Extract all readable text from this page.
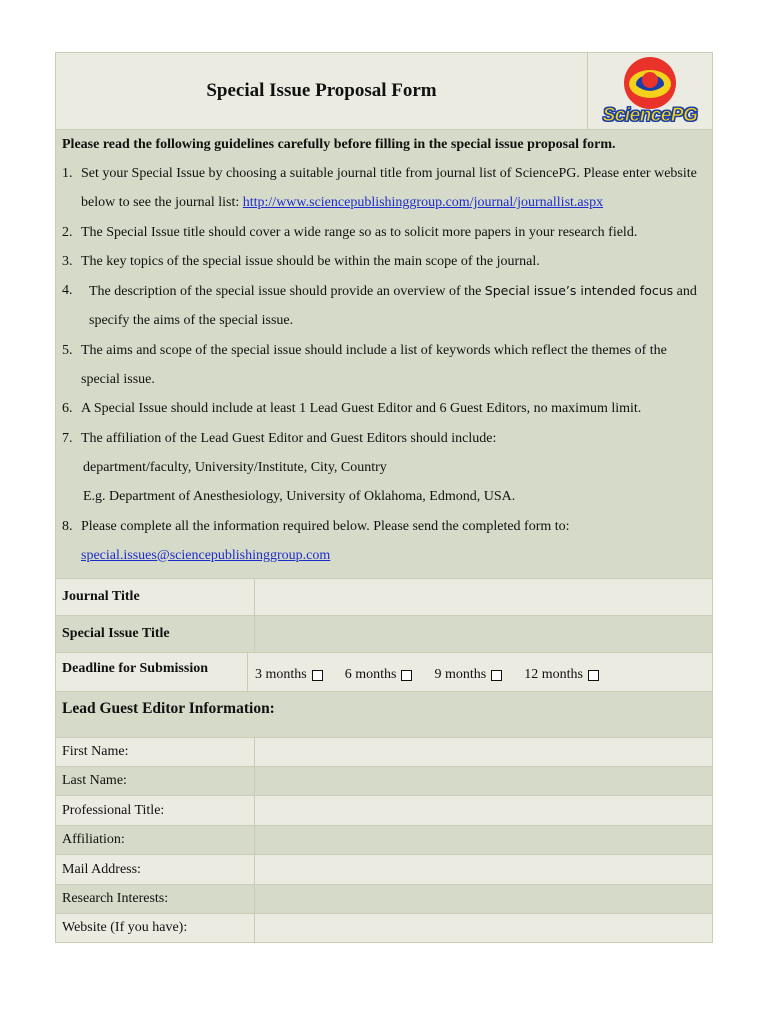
Special Issue Proposal Form
SciencePG
Please read the following guidelines carefully before filling in the special issue proposal form.
1. Set your Special Issue by choosing a suitable journal title from journal list of SciencePG. Please enter website
below to see the journal list: http://www.sciencepublishinggroup.com/journal/journallist.aspx
2. The Special Issue title should cover a wide range so as to solicit more papers in your research field.
3. The key topics of the special issue should be within the main scope of the journal.
4.	The description of the special issue should provide an overview of the Special issue’s intended focus and
specify the aims of the special issue.
5. The aims and scope of the special issue should include a list of keywords which reflect the themes of the
special issue.
6. A Special Issue should include at least 1 Lead Guest Editor and 6 Guest Editors, no maximum limit.
7. The affiliation of the Lead Guest Editor and Guest Editors should include:
department/faculty, University/Institute, City, Country
E.g. Department of Anesthesiology, University of Oklahoma, Edmond, USA.
8. Please complete all the information required below. Please send the completed form to:
special.issues@sciencepublishinggroup.com
Journal Title
Special Issue Title
Deadline for Submission	3 months	6 months	9 months	12 months
Lead Guest Editor Information:
First Name:
Last Name:
Professional Title:
Affiliation:
Mail Address:
Research Interests:
Website (If you have):
